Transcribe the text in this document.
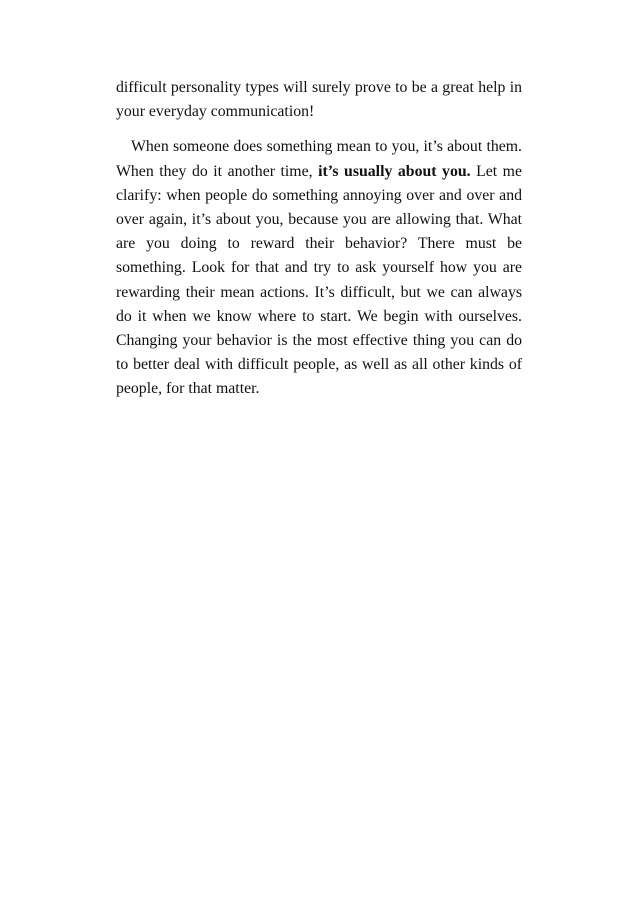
difficult personality types will surely prove to be a great help in your everyday communication!

When someone does something mean to you, it’s about them. When they do it another time, it’s usually about you. Let me clarify: when people do something annoying over and over and over again, it’s about you, because you are allowing that. What are you doing to reward their behavior? There must be something. Look for that and try to ask yourself how you are rewarding their mean actions. It’s difficult, but we can always do it when we know where to start. We begin with ourselves. Changing your behavior is the most effective thing you can do to better deal with difficult people, as well as all other kinds of people, for that matter.
